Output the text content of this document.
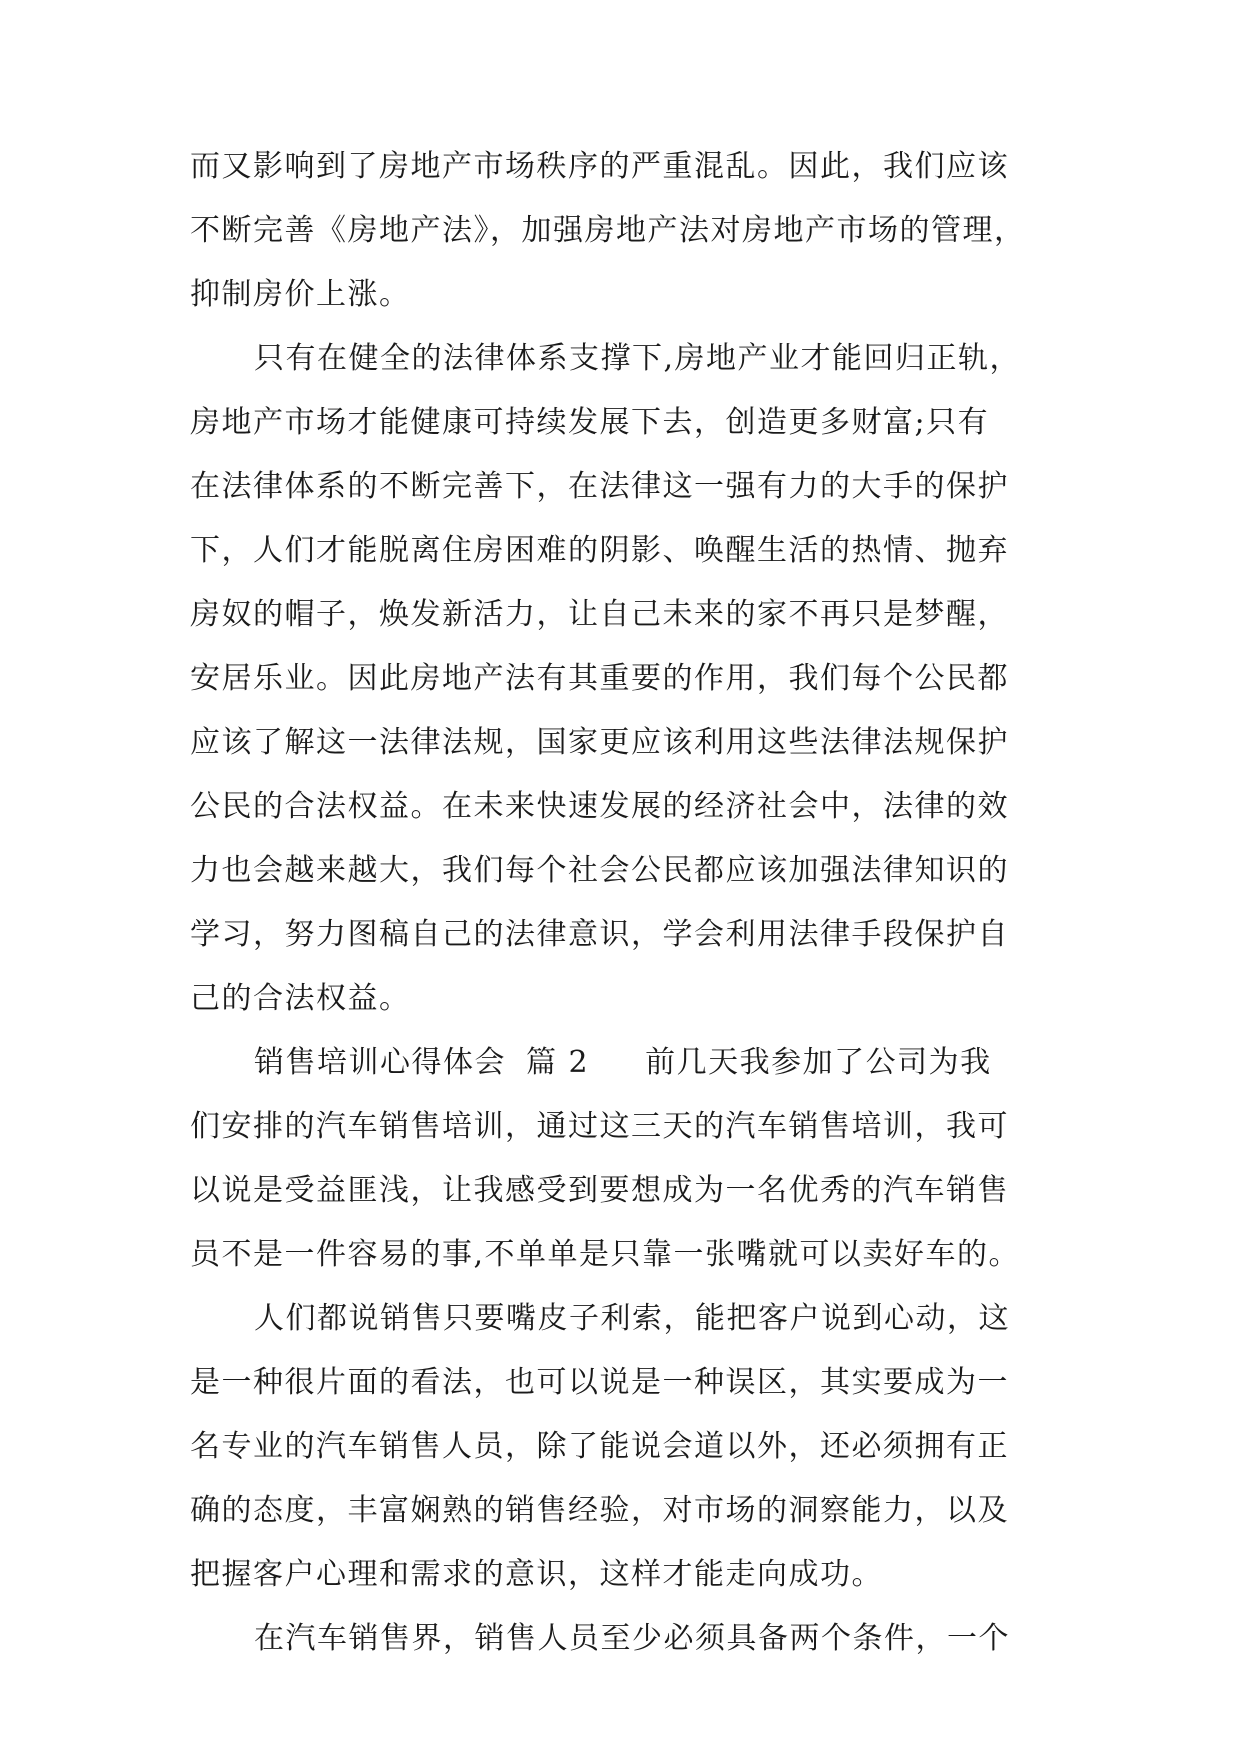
而又影响到了房地产市场秩序的严重混乱。因此，我们应该
不断完善《房地产法》，加强房地产法对房地产市场的管理，
抑制房价上涨。
只有在健全的法律体系支撑下,房地产业才能回归正轨，
房地产市场才能健康可持续发展下去，创造更多财富;只有
在法律体系的不断完善下，在法律这一强有力的大手的保护
下，人们才能脱离住房困难的阴影、唤醒生活的热情、抛弃
房奴的帽子，焕发新活力，让自己未来的家不再只是梦醒，
安居乐业。因此房地产法有其重要的作用，我们每个公民都
应该了解这一法律法规，国家更应该利用这些法律法规保护
公民的合法权益。在未来快速发展的经济社会中，法律的效
力也会越来越大，我们每个社会公民都应该加强法律知识的
学习，努力图稿自己的法律意识，学会利用法律手段保护自
己的合法权益。
销售培训心得体会 篇 2 前几天我参加了公司为我
们安排的汽车销售培训，通过这三天的汽车销售培训，我可
以说是受益匪浅，让我感受到要想成为一名优秀的汽车销售
员不是一件容易的事,不单单是只靠一张嘴就可以卖好车的。
人们都说销售只要嘴皮子利索，能把客户说到心动，这
是一种很片面的看法，也可以说是一种误区，其实要成为一
名专业的汽车销售人员，除了能说会道以外，还必须拥有正
确的态度，丰富娴熟的销售经验，对市场的洞察能力，以及
把握客户心理和需求的意识，这样才能走向成功。
在汽车销售界，销售人员至少必须具备两个条件，一个
